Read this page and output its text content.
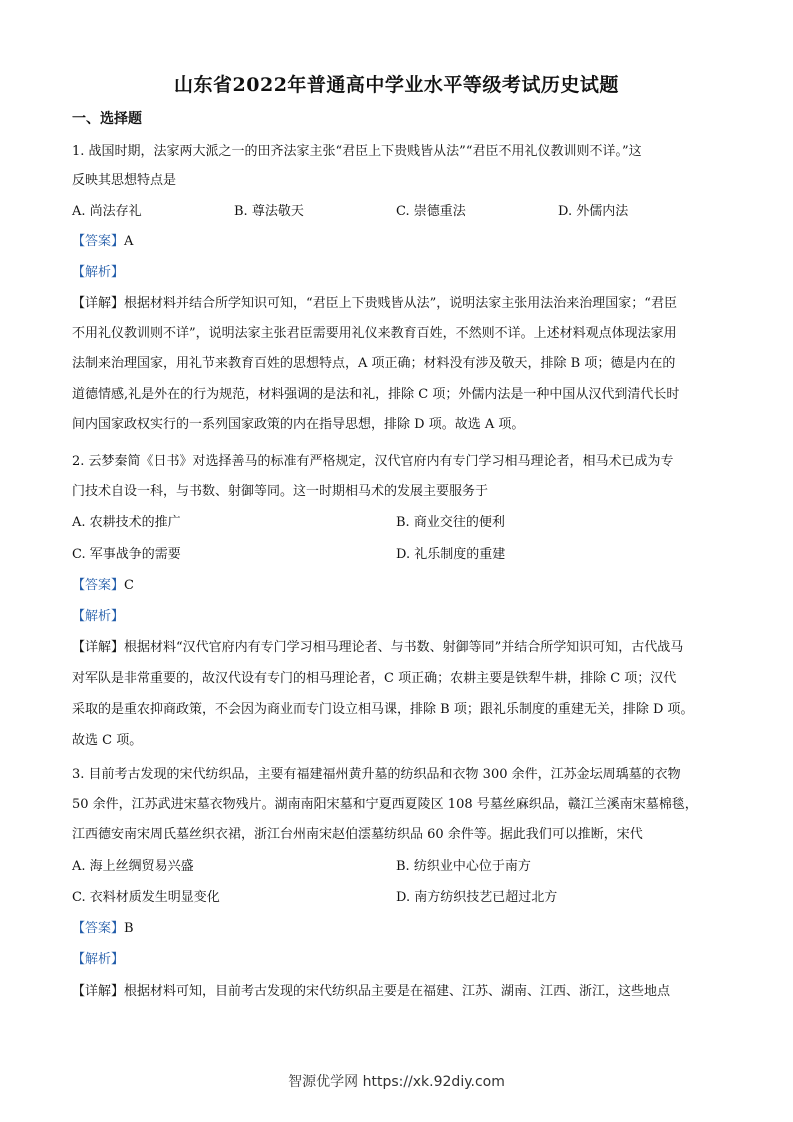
山东省2022年普通高中学业水平等级考试历史试题
一、选择题
1. 战国时期，法家两大派之一的田齐法家主张“君臣上下贵贱皆从法”“君臣不用礼仪教训则不详。”这
反映其思想特点是
A. 尚法存礼	B. 尊法敬天	C. 崇德重法	D. 外儒内法
【答案】A
【解析】
【详解】根据材料并结合所学知识可知，“君臣上下贵贱皆从法”，说明法家主张用法治来治理国家；“君臣
不用礼仪教训则不详”，说明法家主张君臣需要用礼仪来教育百姓，不然则不详。上述材料观点体现法家用
法制来治理国家，用礼节来教育百姓的思想特点，A 项正确；材料没有涉及敬天，排除 B 项；德是内在的
道德情感,礼是外在的行为规范，材料强调的是法和礼，排除 C 项；外儒内法是一种中国从汉代到清代长时
间内国家政权实行的一系列国家政策的内在指导思想，排除 D 项。故选 A 项。
2. 云梦秦简《日书》对选择善马的标准有严格规定，汉代官府内有专门学习相马理论者，相马术已成为专
门技术自设一科，与书数、射御等同。这一时期相马术的发展主要服务于
A. 农耕技术的推广	B. 商业交往的便利
C. 军事战争的需要	D. 礼乐制度的重建
【答案】C
【解析】
【详解】根据材料“汉代官府内有专门学习相马理论者、与书数、射御等同”并结合所学知识可知，古代战马
对军队是非常重要的，故汉代设有专门的相马理论者，C 项正确；农耕主要是铁犁牛耕，排除 C 项；汉代
采取的是重农抑商政策，不会因为商业而专门设立相马课，排除 B 项；跟礼乐制度的重建无关，排除 D 项。
故选 C 项。
3. 目前考古发现的宋代纺织品，主要有福建福州黄升墓的纺织品和衣物 300 余件，江苏金坛周瑀墓的衣物
50 余件，江苏武进宋墓衣物残片。湖南南阳宋墓和宁夏西夏陵区 108 号墓丝麻织品，赣江兰溪南宋墓棉毯，
江西德安南宋周氏墓丝织衣裙，浙江台州南宋赵伯澐墓纺织品 60 余件等。据此我们可以推断，宋代
A. 海上丝绸贸易兴盛	B. 纺织业中心位于南方
C. 衣料材质发生明显变化	D. 南方纺织技艺已超过北方
【答案】B
【解析】
【详解】根据材料可知，目前考古发现的宋代纺织品主要是在福建、江苏、湖南、江西、浙江，这些地点
智源优学网 https://xk.92diy.com
